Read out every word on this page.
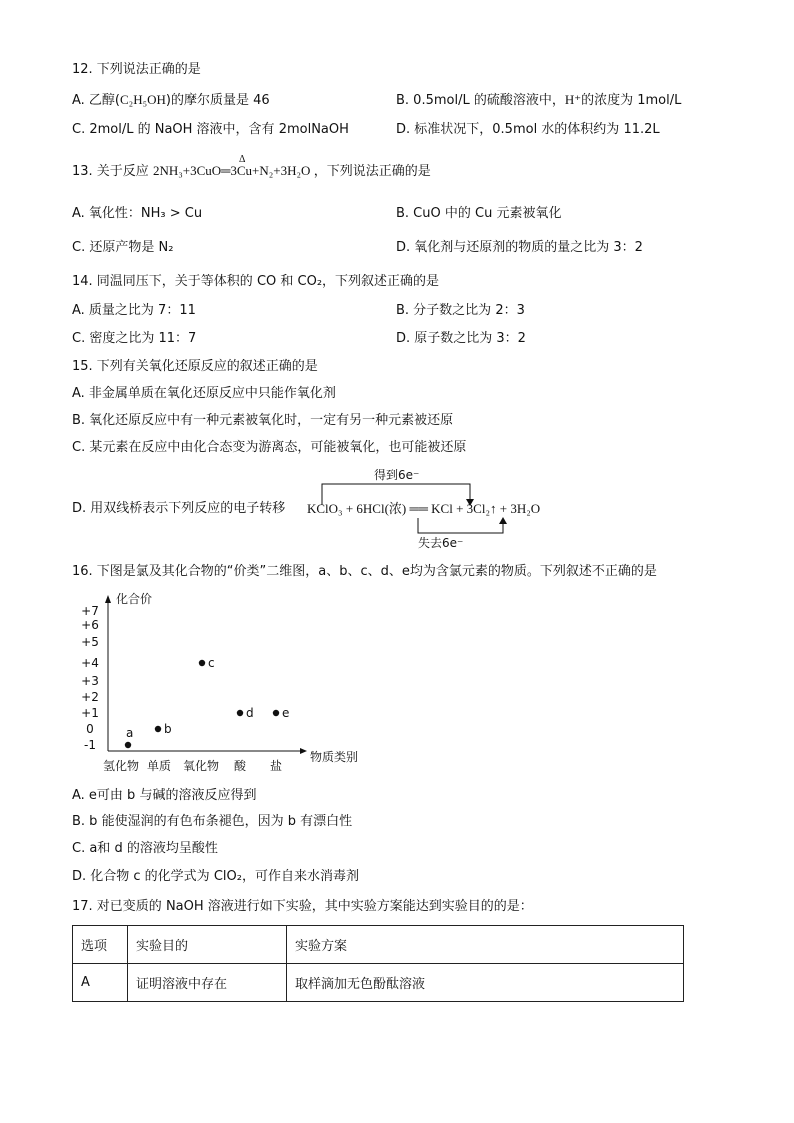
12. 下列说法正确的是
A. 乙醇(C₂H₅OH)的摩尔质量是 46	B. 0.5mol/L 的硫酸溶液中，H⁺的浓度为 1mol/L
C. 2mol/L 的 NaOH 溶液中，含有 2molNaOH	D. 标准状况下，0.5mol 水的体积约为 11.2L
13. 关于反应 2NH₃+3CuO═3Cu+N₂+3H₂O
Δ
，下列说法正确的是
A. 氧化性：NH₃ > Cu	B. CuO 中的 Cu 元素被氧化
C. 还原产物是 N₂	D. 氧化剂与还原剂的物质的量之比为 3：2
14. 同温同压下，关于等体积的 CO 和 CO₂，下列叙述正确的是
A. 质量之比为 7：11	B. 分子数之比为 2：3
C. 密度之比为 11：7	D. 原子数之比为 3：2
15. 下列有关氧化还原反应的叙述正确的是
A. 非金属单质在氧化还原反应中只能作氧化剂
B. 氧化还原反应中有一种元素被氧化时，一定有另一种元素被还原
C. 某元素在反应中由化合态变为游离态，可能被氧化，也可能被还原
得到6e⁻
D. 用双线桥表示下列反应的电子转移 KClO₃ + 6HCl(浓) ══ KCl + 3Cl₂↑ + 3H₂O
失去6e⁻
16. 下图是氯及其化合物的“价类”二维图，a、b、c、d、e均为含氯元素的物质。下列叙述不正确的是
+7
+6
+5
+4
+3
+2
+1
0
-1
氢化物 单质 氧化物 酸 盐
a	b
c
d e
化合价
物质类别
A. e可由 b 与碱的溶液反应得到
B. b 能使湿润的有色布条褪色，因为 b 有漂白性
C. a和 d 的溶液均呈酸性
D. 化合物 c 的化学式为 ClO₂，可作自来水消毒剂
17. 对已变质的 NaOH 溶液进行如下实验，其中实验方案能达到实验目的的是：
选项	实验目的	实验方案
A	证明溶液中存在	取样滴加无色酚酞溶液
